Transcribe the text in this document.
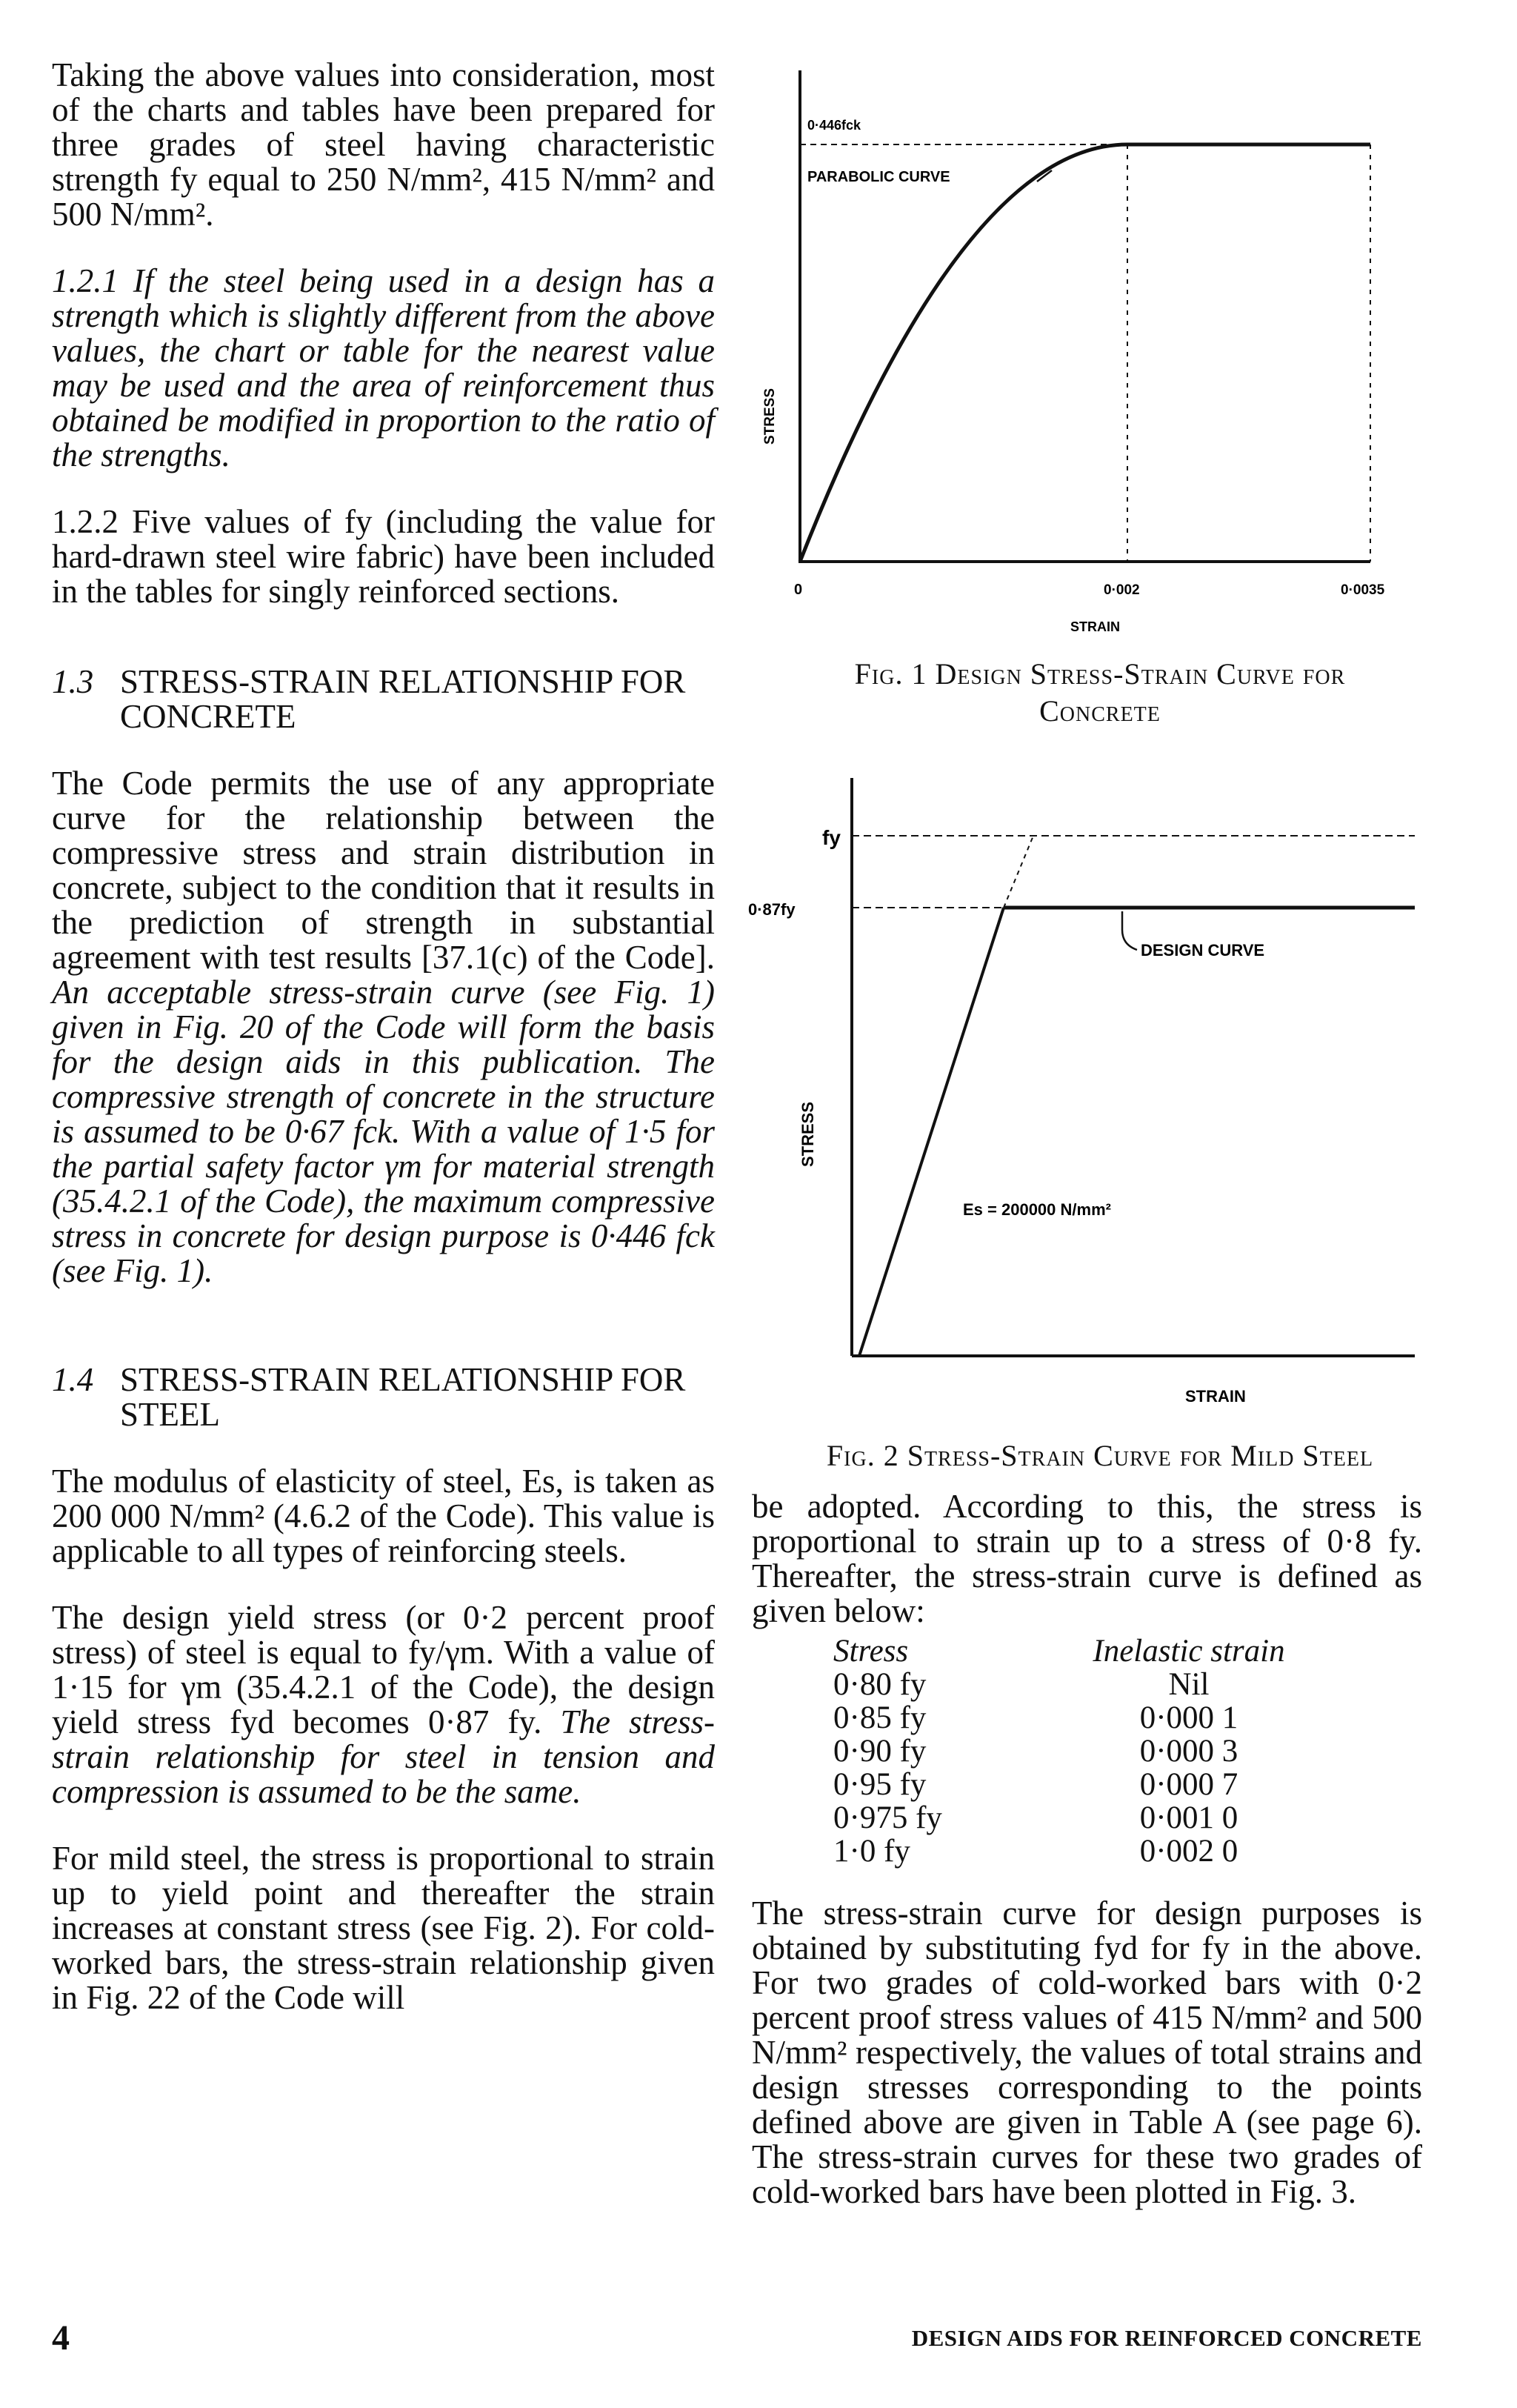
Taking the above values into consideration, most of the charts and tables have been prepared for three grades of steel having characteristic strength fy equal to 250 N/mm², 415 N/mm² and 500 N/mm².

1.2.1 If the steel being used in a design has a strength which is slightly different from the above values, the chart or table for the nearest value may be used and the area of reinforcement thus obtained be modified in proportion to the ratio of the strengths.

1.2.2 Five values of fy (including the value for hard-drawn steel wire fabric) have been included in the tables for singly reinforced sections.

1.3 STRESS-STRAIN RELATIONSHIP FOR CONCRETE

The Code permits the use of any appropriate curve for the relationship between the compressive stress and strain distribution in concrete, subject to the condition that it results in the prediction of strength in substantial agreement with test results [37.1(c) of the Code]. An acceptable stress-strain curve (see Fig. 1) given in Fig. 20 of the Code will form the basis for the design aids in this publication. The compressive strength of concrete in the structure is assumed to be 0·67 fck. With a value of 1·5 for the partial safety factor γm for material strength (35.4.2.1 of the Code), the maximum compressive stress in concrete for design purpose is 0·446 fck (see Fig. 1).

1.4 STRESS-STRAIN RELATIONSHIP FOR STEEL

The modulus of elasticity of steel, Es, is taken as 200 000 N/mm² (4.6.2 of the Code). This value is applicable to all types of reinforcing steels.

The design yield stress (or 0·2 percent proof stress) of steel is equal to fy/γm. With a value of 1·15 for γm (35.4.2.1 of the Code), the design yield stress fyd becomes 0·87 fy. The stress-strain relationship for steel in tension and compression is assumed to be the same.

For mild steel, the stress is proportional to strain up to yield point and thereafter the strain increases at constant stress (see Fig. 2). For cold-worked bars, the stress-strain relationship given in Fig. 22 of the Code will

0·446fck
PARABOLIC CURVE
STRESS
0	0·002	0·0035
STRAIN
Fig. 1 Design Stress-Strain Curve for
Concrete
fy
0·87fy
DESIGN CURVE
Es = 200000 N/mm²
STRESS
STRAIN
Fig. 2 Stress-Strain Curve for Mild Steel

be adopted. According to this, the stress is proportional to strain up to a stress of 0·8 fy. Thereafter, the stress-strain curve is defined as given below:

Stress	Inelastic strain
0·80 fy	Nil
0·85 fy	0·000 1
0·90 fy	0·000 3
0·95 fy	0·000 7
0·975 fy	0·001 0
1·0 fy	0·002 0

The stress-strain curve for design purposes is obtained by substituting fyd for fy in the above. For two grades of cold-worked bars with 0·2 percent proof stress values of 415 N/mm² and 500 N/mm² respectively, the values of total strains and design stresses corresponding to the points defined above are given in Table A (see page 6). The stress-strain curves for these two grades of cold-worked bars have been plotted in Fig. 3.

4	DESIGN AIDS FOR REINFORCED CONCRETE
